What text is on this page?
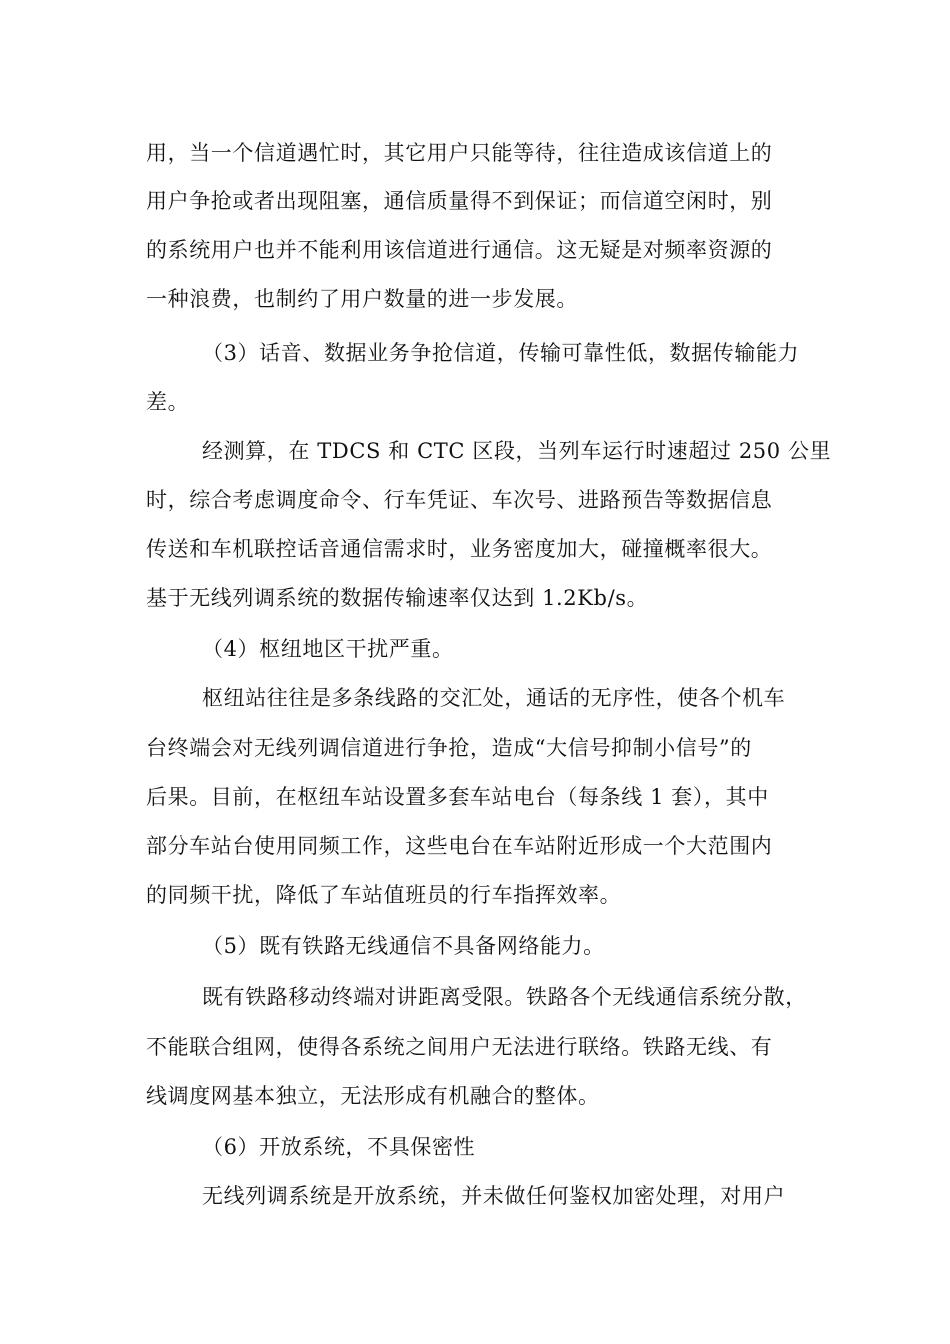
用，当一个信道遇忙时，其它用户只能等待，往往造成该信道上的
用户争抢或者出现阻塞，通信质量得不到保证；而信道空闲时，别
的系统用户也并不能利用该信道进行通信。这无疑是对频率资源的
一种浪费，也制约了用户数量的进一步发展。
（3）话音、数据业务争抢信道，传输可靠性低，数据传输能力
差。
经测算，在 TDCS 和 CTC 区段，当列车运行时速超过 250 公里
时，综合考虑调度命令、行车凭证、车次号、进路预告等数据信息
传送和车机联控话音通信需求时，业务密度加大，碰撞概率很大。
基于无线列调系统的数据传输速率仅达到 1.2Kb/s。
（4）枢纽地区干扰严重。
枢纽站往往是多条线路的交汇处，通话的无序性，使各个机车
台终端会对无线列调信道进行争抢，造成“大信号抑制小信号”的
后果。目前，在枢纽车站设置多套车站电台（每条线 1 套），其中
部分车站台使用同频工作，这些电台在车站附近形成一个大范围内
的同频干扰，降低了车站值班员的行车指挥效率。
（5）既有铁路无线通信不具备网络能力。
既有铁路移动终端对讲距离受限。铁路各个无线通信系统分散，
不能联合组网，使得各系统之间用户无法进行联络。铁路无线、有
线调度网基本独立，无法形成有机融合的整体。
（6）开放系统，不具保密性
无线列调系统是开放系统，并未做任何鉴权加密处理，对用户
